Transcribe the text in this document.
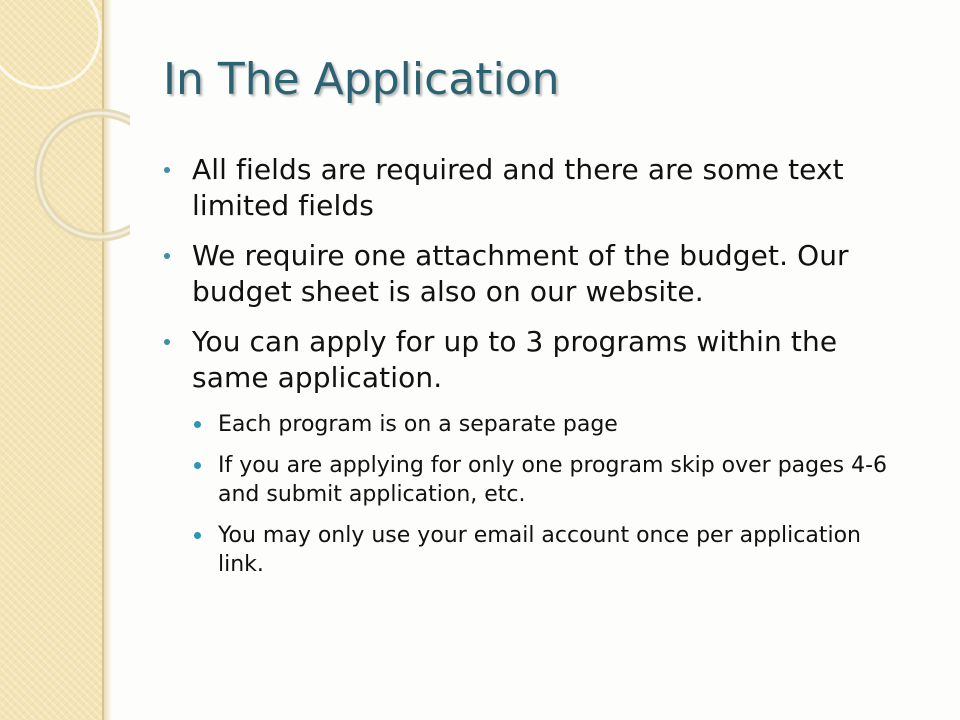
In The Application
All fields are required and there are some text limited fields
We require one attachment of the budget. Our budget sheet is also on our website.
You can apply for up to 3 programs within the same application.
Each program is on a separate page
If you are applying for only one program skip over pages 4-6 and submit application, etc.
You may only use your email account once per application link.
